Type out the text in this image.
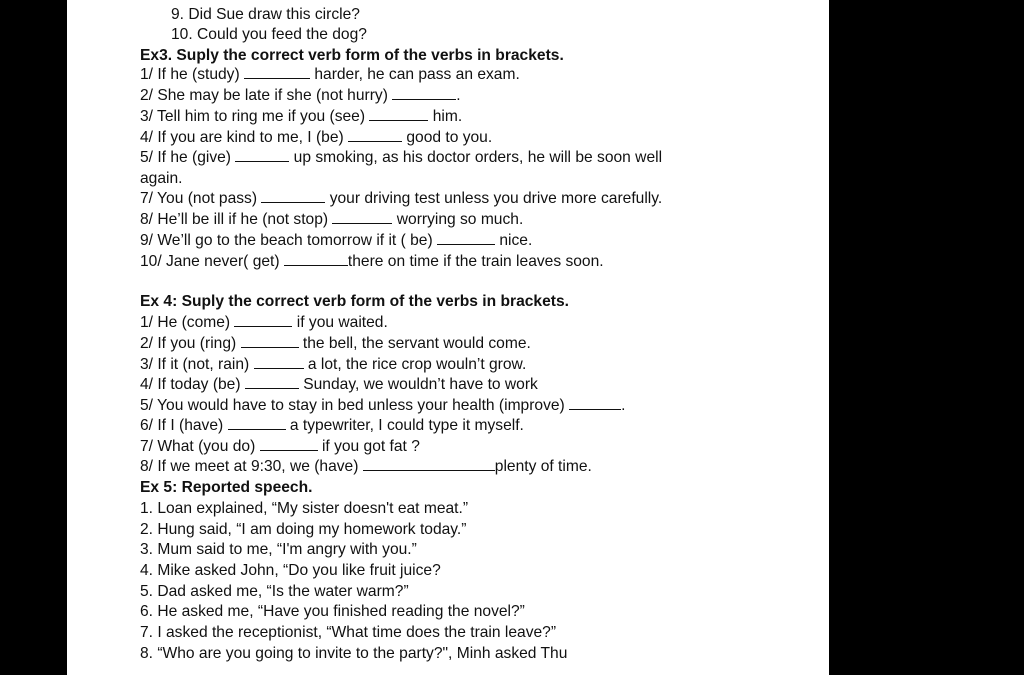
9. Did Sue draw this circle?
10. Could you feed the dog?
Ex3. Suply the correct verb form of the verbs in brackets.
1/ If he (study)	harder, he can pass an exam.
2/ She may be late if she (not hurry)	.
3/ Tell him to ring me if you (see)	him.
4/ If you are kind to me, I (be)	good to you.
5/ If he (give)	up smoking, as his doctor orders, he will be soon well
again.
7/ You (not pass)	your driving test unless you drive more carefully.
8/ He’ll be ill if he (not stop)	worrying so much.
9/ We’ll go to the beach tomorrow if it ( be)	nice.
10/ Jane never( get)	there on time if the train leaves soon.
Ex 4: Suply the correct verb form of the verbs in brackets.
1/ He (come)	if you waited.
2/ If you (ring)	the bell, the servant would come.
3/ If it (not, rain)	a lot, the rice crop wouln’t grow.
4/ If today (be)	Sunday, we wouldn’t have to work
5/ You would have to stay in bed unless your health (improve)	.
6/ If I (have)	a typewriter, I could type it myself.
7/ What (you do)	if you got fat ?
8/ If we meet at 9:30, we (have)	plenty of time.
Ex 5: Reported speech.
1. Loan explained, “My sister doesn't eat meat.”
2. Hung said, “I am doing my homework today.”
3. Mum said to me, “I'm angry with you.”
4. Mike asked John, “Do you like fruit juice?
5. Dad asked me, “Is the water warm?”
6. He asked me, “Have you finished reading the novel?”
7. I asked the receptionist, “What time does the train leave?”
8. “Who are you going to invite to the party?", Minh asked Thu
